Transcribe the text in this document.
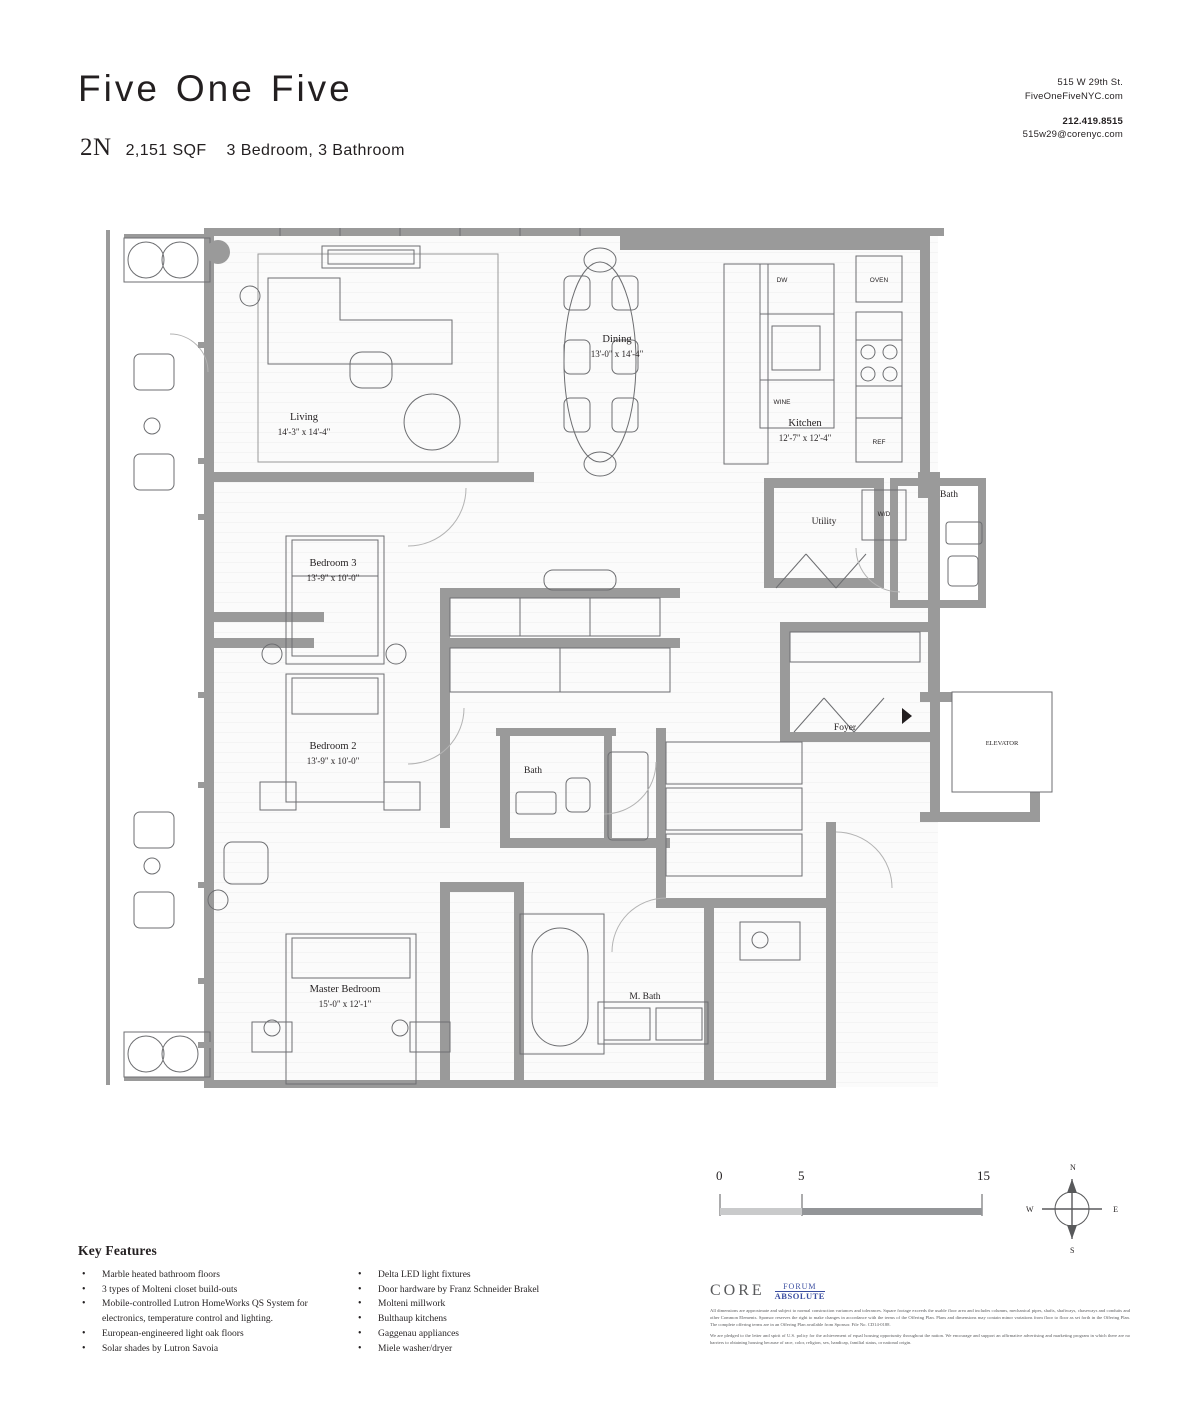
Five One Five
2N 2,151 SQF 3 Bedroom, 3 Bathroom
515 W 29th St.
FiveOneFiveNYC.com
212.419.8515
515w29@corenyc.com
ELEVATOR
DW
WINE
OVEN
REF
W/D
Living
14'-3" x 14'-4"
Dining
13'-0" x 14'-4"
Kitchen
12'-7" x 12'-4"
Bedroom 3
13'-9" x 10'-0"
Bedroom 2
13'-9" x 10'-0"
Master Bedroom
15'-0" x 12'-1"
Bath
Bath
M. Bath
Utility
Foyer
0	5	15
N
E
S
W
Key Features
• Marble heated bathroom floors
• 3 types of Molteni closet build-outs
• Mobile-controlled Lutron HomeWorks QS System for electronics, temperature control and lighting.
• European-engineered light oak floors
• Solar shades by Lutron Savoia
• Delta LED light fixtures
• Door hardware by Franz Schneider Brakel
• Molteni millwork
• Bulthaup kitchens
• Gaggenau appliances
• Miele washer/dryer
CORE	FORUM
ABSOLUTE

All dimensions are approximate and subject to normal construction variances and tolerances. Square footage exceeds the usable floor area and includes columns, mechanical pipes, shafts, shaftways, chaseways and conduits and other Common Elements. Sponsor reserves the right to make changes in accordance with the terms of the Offering Plan. Plans and dimensions may contain minor variations from floor to floor as set forth in the Offering Plan. The complete offering terms are in an Offering Plan available from Sponsor. File No. CD14-0188.

We are pledged to the letter and spirit of U.S. policy for the achievement of equal housing opportunity throughout the nation. We encourage and support an affirmative advertising and marketing program in which there are no barriers to obtaining housing because of race, color, religion, sex, handicap, familial status, or national origin.
